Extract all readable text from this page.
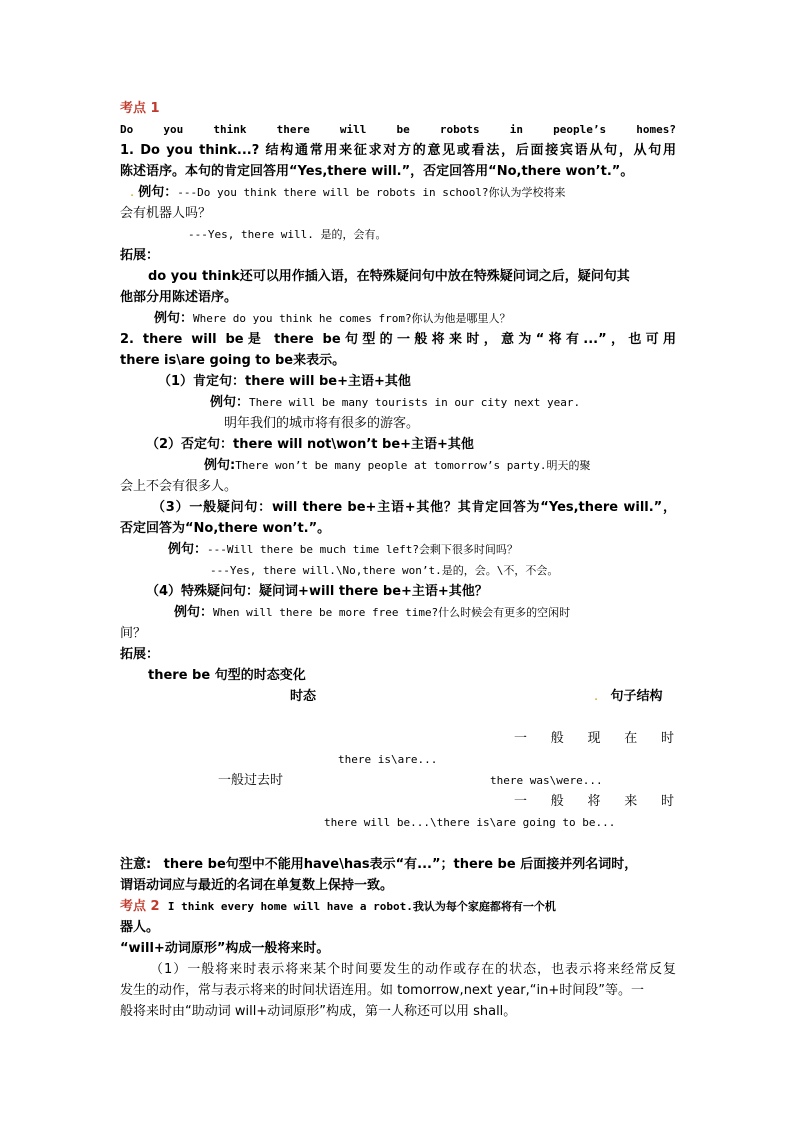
考点 1
Do you think there will be robots in people’s homes?
1. Do you think...? 结构通常用来征求对方的意见或看法，后面接宾语从句，从句用
陈述语序。本句的肯定回答用“Yes,there will.”，否定回答用“No,there won’t.”。
. 例句：---Do you think there will be robots in school?你认为学校将来
会有机器人吗？
---Yes, there will. 是的，会有。
拓展：
do you think还可以用作插入语，在特殊疑问句中放在特殊疑问词之后，疑问句其
他部分用陈述语序。
例句：Where do you think he comes from?你认为他是哪里人？
2. there will be是 there be句型的一般将来时，意为“将有...”，也可用
there is\are going to be来表示。
（1）肯定句：there will be+主语+其他
例句：There will be many tourists in our city next year.
明年我们的城市将有很多的游客。
（2）否定句：there will not\won’t be+主语+其他
例句:There won’t be many people at tomorrow’s party.明天的聚
会上不会有很多人。
（3）一般疑问句：will there be+主语+其他？其肯定回答为“Yes,there will.”，
否定回答为“No,there won’t.”。
例句：---Will there be much time left?会剩下很多时间吗？
---Yes, there will.\No,there won’t.是的，会。\不，不会。
（4）特殊疑问句：疑问词+will there be+主语+其他？
例句：When will there be more free time?什么时候会有更多的空闲时
间？
拓展：
there be 句型的时态变化
时态	. 句子结构
一般现在时
there is\are...
一般过去时	there was\were...
一般将来时
there will be...\there is\are going to be...
注意: there be句型中不能用have\has表示“有...”；there be 后面接并列名词时，
谓语动词应与最近的名词在单复数上保持一致。
考点 2 I think every home will have a robot.我认为每个家庭都将有一个机
器人。
“will+动词原形”构成一般将来时。
（1）一般将来时表示将来某个时间要发生的动作或存在的状态，也表示将来经常反复
发生的动作，常与表示将来的时间状语连用。如 tomorrow,next year,“in+时间段”等。一
般将来时由“助动词 will+动词原形”构成，第一人称还可以用 shall。
